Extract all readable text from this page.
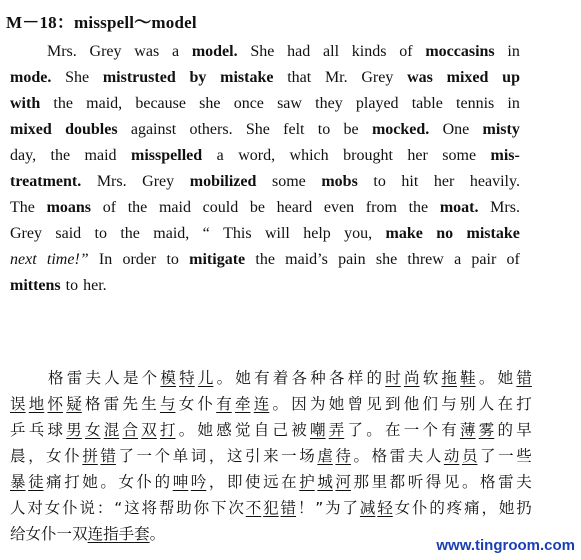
M－18：misspell～model
Mrs. Grey was a model. She had all kinds of moccasins in
mode. She mistrusted by mistake that Mr. Grey was mixed up
with the maid, because she once saw they played table tennis in
mixed doubles against others. She felt to be mocked. One misty
day, the maid misspelled a word, which brought her some mis-
treatment. Mrs. Grey mobilized some mobs to hit her heavily.
The moans of the maid could be heard even from the moat. Mrs.
Grey said to the maid, “ This will help you, make no mistake
next time!” In order to mitigate the maid’s pain she threw a pair of
mittens to her.
格 雷 夫 人 是 个 模 特 儿 。 她 有 着 各 种 各 样 的 时 尚 软 拖 鞋 。 她 错
误 地 怀 疑 格 雷 先 生 与 女 仆 有 牵 连 。 因 为 她 曾 见 到 他 们 与 别 人 在 打
乒 乓 球 男 女 混 合 双 打 。 她 感 觉 自 己 被 嘲 弄 了 。 在 一 个 有 薄 雾 的 早
晨 ， 女 仆 拼 错 了 一 个 单 词 ， 这 引 来 一 场 虐 待 。 格 雷 夫 人 动 员 了 一 些
暴 徒 痛 打 她 。 女 仆 的 呻 吟 ， 即 使 远 在 护 城 河 那 里 都 听 得 见 。 格 雷 夫
人 对 女 仆 说 ： “ 这 将 帮 助 你 下 次 不 犯 错 ！ ” 为 了 减 轻 女 仆 的 疼 痛 ， 她 扔
给 女 仆 一 双 连 指 手 套 。
www.tingroom.com
